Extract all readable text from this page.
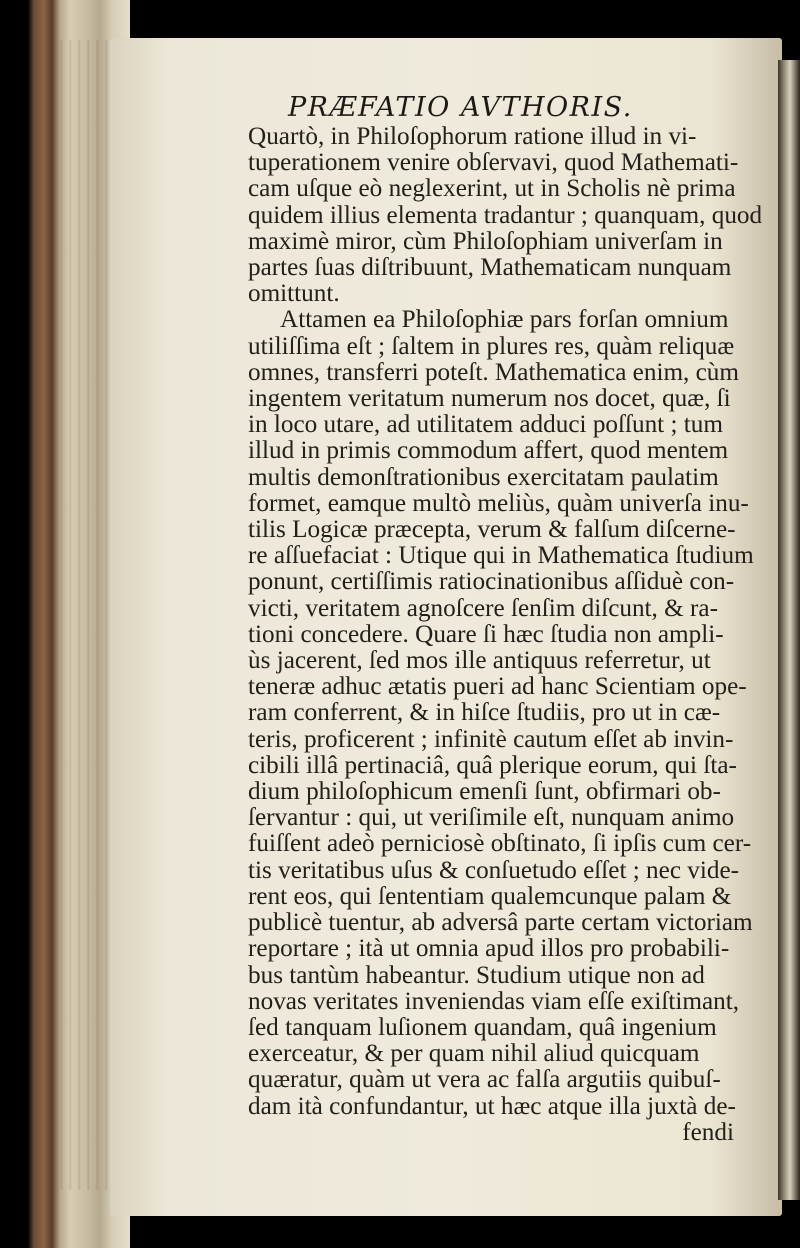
PRÆFATIO AVTHORIS.
Quartò, in Philoſophorum ratione illud in vi-
tuperationem venire obſervavi, quod Mathemati-
cam uſque eò neglexerint, ut in Scholis nè prima
quidem illius elementa tradantur ; quanquam, quod
maximè miror, cùm Philoſophiam univerſam in
partes ſuas diſtribuunt, Mathematicam nunquam
omittunt.
Attamen ea Philoſophiæ pars forſan omnium
utiliſſima eſt ; ſaltem in plures res, quàm reliquæ
omnes, transferri poteſt. Mathematica enim, cùm
ingentem veritatum numerum nos docet, quæ, ſi
in loco utare, ad utilitatem adduci poſſunt ; tum
illud in primis commodum affert, quod mentem
multis demonſtrationibus exercitatam paulatim
formet, eamque multò meliùs, quàm univerſa inu-
tilis Logicæ præcepta, verum & falſum diſcerne-
re aſſuefaciat : Utique qui in Mathematica ſtudium
ponunt, certiſſimis ratiocinationibus aſſiduè con-
victi, veritatem agnoſcere ſenſim diſcunt, & ra-
tioni concedere. Quare ſi hæc ſtudia non ampli-
ùs jacerent, ſed mos ille antiquus referretur, ut
teneræ adhuc ætatis pueri ad hanc Scientiam ope-
ram conferrent, & in hiſce ſtudiis, pro ut in cæ-
teris, proficerent ; infinitè cautum eſſet ab invin-
cibili illâ pertinaciâ, quâ plerique eorum, qui ſta-
dium philoſophicum emenſi ſunt, obfirmari ob-
ſervantur : qui, ut veriſimile eſt, nunquam animo
fuiſſent adeò perniciosè obſtinato, ſi ipſis cum cer-
tis veritatibus uſus & conſuetudo eſſet ; nec vide-
rent eos, qui ſententiam qualemcunque palam &
publicè tuentur, ab adversâ parte certam victoriam
reportare ; ità ut omnia apud illos pro probabili-
bus tantùm habeantur. Studium utique non ad
novas veritates inveniendas viam eſſe exiſtimant,
ſed tanquam luſionem quandam, quâ ingenium
exerceatur, & per quam nihil aliud quicquam
quæratur, quàm ut vera ac falſa argutiis quibuſ-
dam ità confundantur, ut hæc atque illa juxtà de-
fendi
